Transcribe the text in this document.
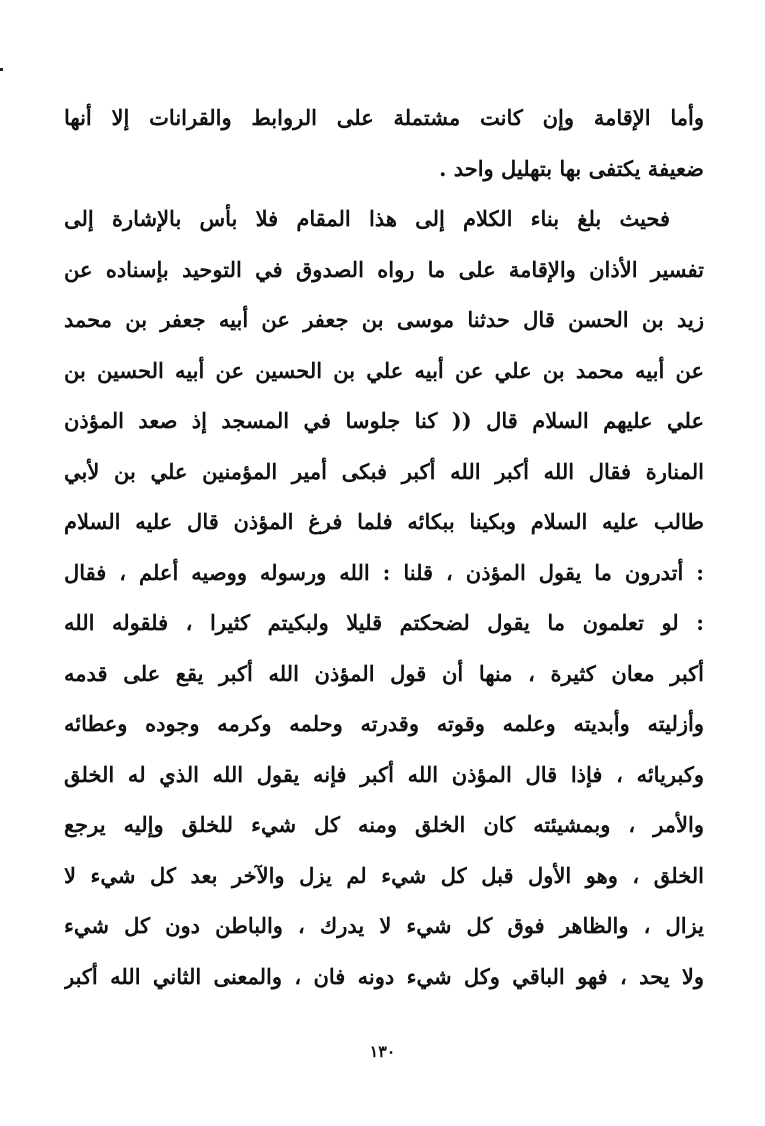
وأما الإقامة وإن كانت مشتملة على الروابط والقرانات إلا أنها
ضعيفة يكتفى بها بتهليل واحد .
فحيث بلغ بناء الكلام إلى هذا المقام فلا بأس بالإشارة إلى
تفسير الأذان والإقامة على ما رواه الصدوق في التوحيد بإسناده عن
زيد بن الحسن قال حدثنا موسى بن جعفر عن أبيه جعفر بن محمد
عن أبيه محمد بن علي عن أبيه علي بن الحسين عن أبيه الحسين بن
علي عليهم السلام قال (( كنا جلوسا في المسجد إذ صعد المؤذن
المنارة فقال الله أكبر الله أكبر فبكى أمير المؤمنين علي بن لأبي
طالب عليه السلام وبكينا ببكائه فلما فرغ المؤذن قال عليه السلام
: أتدرون ما يقول المؤذن ، قلنا : الله ورسوله ووصيه أعلم ، فقال
: لو تعلمون ما يقول لضحكتم قليلا ولبكيتم كثيرا ، فلقوله الله
أكبر معان كثيرة ، منها أن قول المؤذن الله أكبر يقع على قدمه
وأزليته وأبديته وعلمه وقوته وقدرته وحلمه وكرمه وجوده وعطائه
وكبريائه ، فإذا قال المؤذن الله أكبر فإنه يقول الله الذي له الخلق
والأمر ، وبمشيئته كان الخلق ومنه كل شيء للخلق وإليه يرجع
الخلق ، وهو الأول قبل كل شيء لم يزل والآخر بعد كل شيء لا
يزال ، والظاهر فوق كل شيء لا يدرك ، والباطن دون كل شيء
ولا يحد ، فهو الباقي وكل شيء دونه فان ، والمعنى الثاني الله أكبر
١٣٠
